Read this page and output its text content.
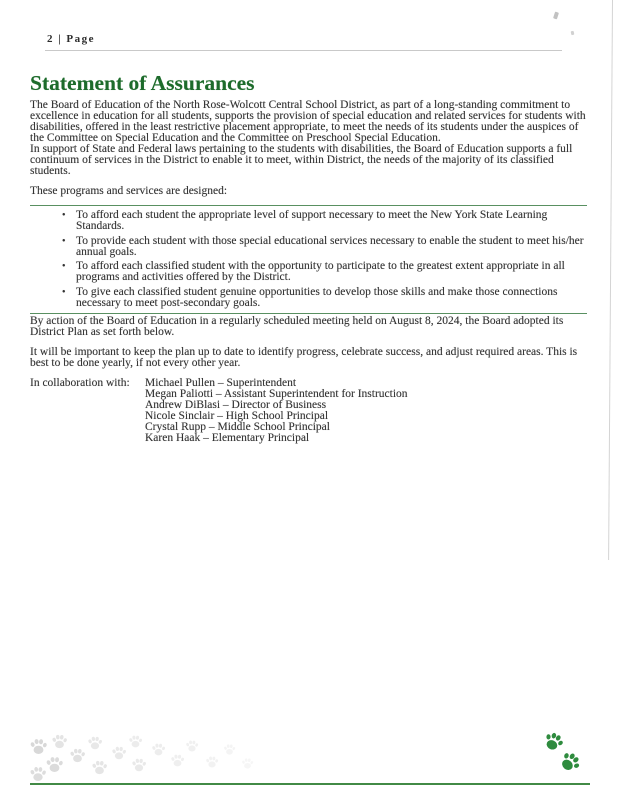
2 | Page
Statement of Assurances

The Board of Education of the North Rose-Wolcott Central School District, as part of a long-standing commitment to excellence in education for all students, supports the provision of special education and related services for students with disabilities, offered in the least restrictive placement appropriate, to meet the needs of its students under the auspices of the Committee on Special Education and the Committee on Preschool Special Education.

In support of State and Federal laws pertaining to the students with disabilities, the Board of Education supports a full continuum of services in the District to enable it to meet, within District, the needs of the majority of its classified students.

These programs and services are designed:

• To afford each student the appropriate level of support necessary to meet the New York State Learning Standards.
• To provide each student with those special educational services necessary to enable the student to meet his/her annual goals.
• To afford each classified student with the opportunity to participate to the greatest extent appropriate in all programs and activities offered by the District.
• To give each classified student genuine opportunities to develop those skills and make those connections necessary to meet post-secondary goals.

By action of the Board of Education in a regularly scheduled meeting held on August 8, 2024, the Board adopted its District Plan as set forth below.

It will be important to keep the plan up to date to identify progress, celebrate success, and adjust required areas. This is best to be done yearly, if not every other year.

In collaboration with:	Michael Pullen – Superintendent
Megan Paliotti – Assistant Superintendent for Instruction
Andrew DiBlasi – Director of Business
Nicole Sinclair – High School Principal
Crystal Rupp – Middle School Principal
Karen Haak – Elementary Principal
